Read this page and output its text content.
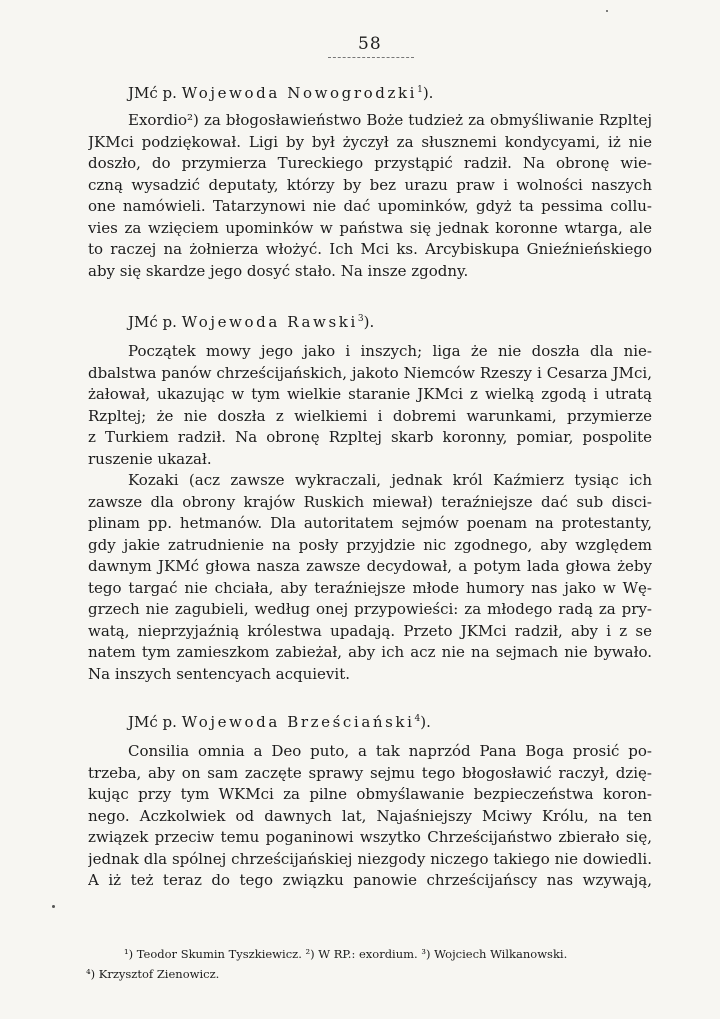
58
JMć p. Wojewoda Nowogrodzki$^1$).
Exordio²) za błogosławieństwo Boże tudzież za obmyśliwanie Rzpltej
JKMci podziękował. Ligi by był życzył za słusznemi kondycyami, iż nie
doszło, do przymierza Tureckiego przystąpić radził. Na obronę wie-
czną wysadzić deputaty, którzy by bez urazu praw i wolności naszych
one namówieli. Tatarzynowi nie dać upominków, gdyż ta pessima collu-
vies za wzięciem upominków w państwa się jednak koronne wtarga, ale
to raczej na żołnierza włożyć. Ich Mci ks. Arcybiskupa Gnieźnieńskiego
aby się skardze jego dosyć stało. Na insze zgodny.
JMć p. Wojewoda Rawski$^3$).
Początek mowy jego jako i inszych; liga że nie doszła dla nie-
dbalstwa panów chrześcijańskich, jakoto Niemców Rzeszy i Cesarza JMci,
żałował, ukazując w tym wielkie staranie JKMci z wielką zgodą i utratą
Rzpltej; że nie doszła z wielkiemi i dobremi warunkami, przymierze
z Turkiem radził. Na obronę Rzpltej skarb koronny, pomiar, pospolite
ruszenie ukazał.
Kozaki (acz zawsze wykraczali, jednak król Kaźmierz tysiąc ich
zawsze dla obrony krajów Ruskich miewał) teraźniejsze dać sub disci-
plinam pp. hetmanów. Dla autoritatem sejmów poenam na protestanty,
gdy jakie zatrudnienie na posły przyjdzie nic zgodnego, aby względem
dawnym JKMć głowa nasza zawsze decydował, a potym lada głowa żeby
tego targać nie chciała, aby teraźniejsze młode humory nas jako w Wę-
grzech nie zagubieli, według onej przypowieści: za młodego radą za pry-
watą, nieprzyjaźnią królestwa upadają. Przeto JKMci radził, aby i z se
natem tym zamieszkom zabieżał, aby ich acz nie na sejmach nie bywało.
Na inszych sentencyach acquievit.
JMć p. Wojewoda Brześciański$^4$).
Consilia omnia a Deo puto, a tak naprzód Pana Boga prosić po-
trzeba, aby on sam zaczęte sprawy sejmu tego błogosławić raczył, dzię-
kując przy tym WKMci za pilne obmyślawanie bezpieczeństwa koron-
nego. Aczkolwiek od dawnych lat, Najaśniejszy Mciwy Królu, na ten
związek przeciw temu poganinowi wszytko Chrześcijaństwo zbierało się,
jednak dla spólnej chrześcijańskiej niezgody niczego takiego nie dowiedli.
A iż też teraz do tego związku panowie chrześcijańscy nas wzywają,
¹) Teodor Skumin Tyszkiewicz. ²) W RP.: exordium. ³) Wojciech Wilkanowski.
⁴) Krzysztof Zienowicz.
